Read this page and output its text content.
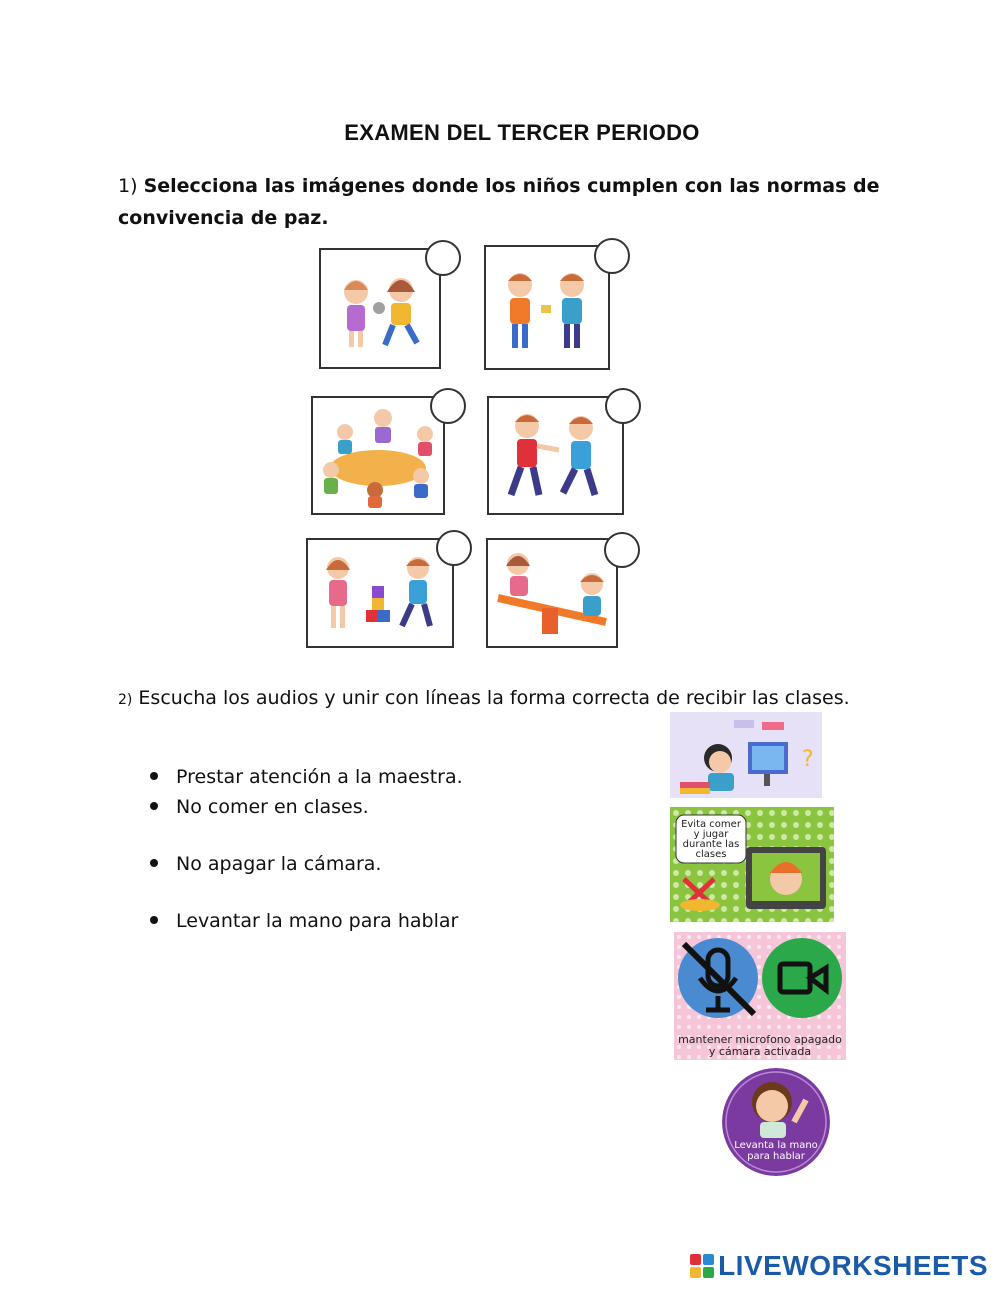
EXAMEN DEL TERCER PERIODO
1) Selecciona las imágenes donde los niños cumplen con las normas de convivencia de paz.
2) Escucha los audios y unir con líneas la forma correcta de recibir las clases.
Prestar atención a la maestra.
No comer en clases.
No apagar la cámara.
Levantar la mano para hablar
?
Evita comer y jugar durante las clases
mantener microfono apagado
y cámara activada
Levanta la mano
para hablar
LIVEWORKSHEETS
